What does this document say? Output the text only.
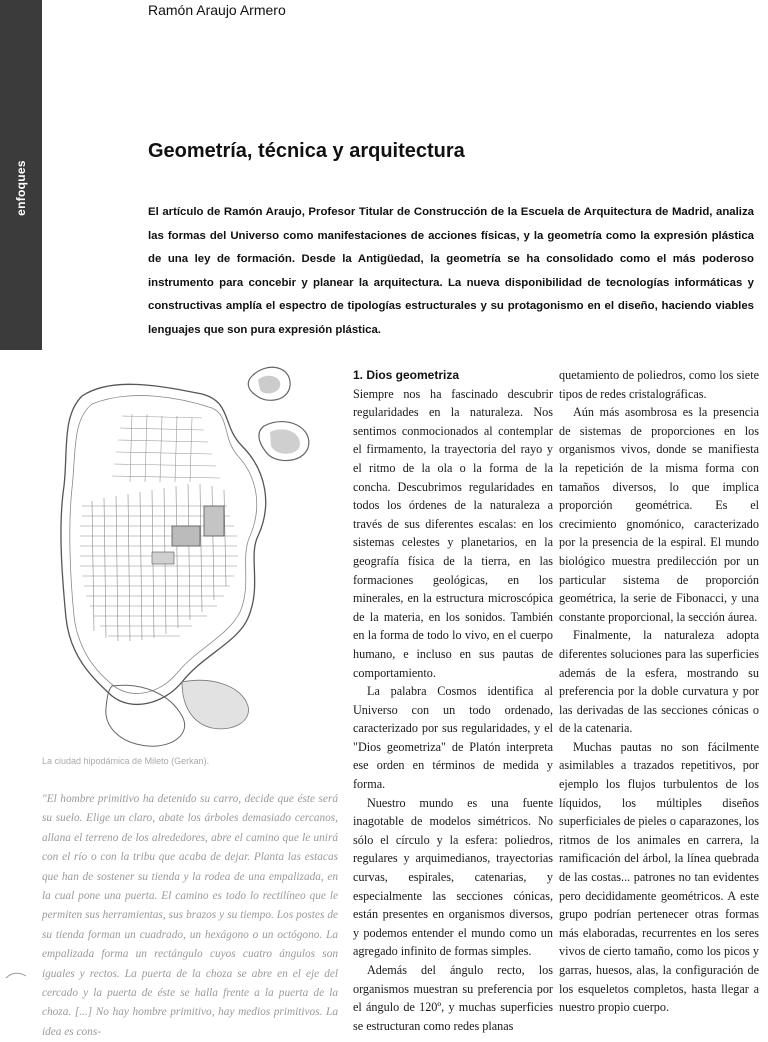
enfoques
Ramón Araujo Armero
Geometría, técnica y arquitectura

El artículo de Ramón Araujo, Profesor Titular de Construcción de la Escuela de Arquitectura de Madrid, analiza las formas del Universo como manifestaciones de acciones físicas, y la geometría como la expresión plástica de una ley de formación. Desde la Antigüedad, la geometría se ha consolidado como el más poderoso instrumento para concebir y planear la arquitectura. La nueva disponibilidad de tecnologías informáticas y constructivas amplía el espectro de tipologías estructurales y su protagonismo en el diseño, haciendo viables lenguajes que son pura expresión plástica.

La ciudad hipodámica de Mileto (Gerkan).

"El hombre primitivo ha detenido su carro, decide que éste será su suelo. Elige un claro, abate los árboles demasiado cercanos, allana el terreno de los alrededores, abre el camino que le unirá con el río o con la tribu que acaba de dejar. Planta las estacas que han de sostener su tienda y la rodea de una empalizada, en la cual pone una puerta. El camino es todo lo rectilíneo que le permiten sus herramientas, sus brazos y su tiempo. Los postes de su tienda forman un cuadrado, un hexágono o un octógono. La empalizada forma un rectángulo cuyos cuatro ángulos son iguales y rectos. La puerta de la choza se abre en el eje del cercado y la puerta de éste se halla frente a la puerta de la choza. [...] No hay hombre primitivo, hay medios primitivos. La idea es cons-

1. Dios geometriza

Siempre nos ha fascinado descubrir regularidades en la naturaleza. Nos sentimos conmocionados al contemplar el firmamento, la trayectoria del rayo y el ritmo de la ola o la forma de la concha. Descubrimos regularidades en todos los órdenes de la naturaleza a través de sus diferentes escalas: en los sistemas celestes y planetarios, en la geografía física de la tierra, en las formaciones geológicas, en los minerales, en la estructura microscópica de la materia, en los sonidos. También en la forma de todo lo vivo, en el cuerpo humano, e incluso en sus pautas de comportamiento.

La palabra Cosmos identifica al Universo con un todo ordenado, caracterizado por sus regularidades, y el "Dios geometriza" de Platón interpreta ese orden en términos de medida y forma.

Nuestro mundo es una fuente inagotable de modelos simétricos. No sólo el círculo y la esfera: poliedros, regulares y arquimedianos, trayectorias curvas, espirales, catenarias, y especialmente las secciones cónicas, están presentes en organismos diversos, y podemos entender el mundo como un agregado infinito de formas simples.

Además del ángulo recto, los organismos muestran su preferencia por el ángulo de 120º, y muchas superficies se estructuran como redes planas

quetamiento de poliedros, como los siete tipos de redes cristalográficas.

Aún más asombrosa es la presencia de sistemas de proporciones en los organismos vivos, donde se manifiesta la repetición de la misma forma con tamaños diversos, lo que implica proporción geométrica. Es el crecimiento gnomónico, caracterizado por la presencia de la espiral. El mundo biológico muestra predilección por un particular sistema de proporción geométrica, la serie de Fibonacci, y una constante proporcional, la sección áurea.

Finalmente, la naturaleza adopta diferentes soluciones para las superficies además de la esfera, mostrando su preferencia por la doble curvatura y por las derivadas de las secciones cónicas o de la catenaria.

Muchas pautas no son fácilmente asimilables a trazados repetitivos, por ejemplo los flujos turbulentos de los líquidos, los múltiples diseños superficiales de pieles o caparazones, los ritmos de los animales en carrera, la ramificación del árbol, la línea quebrada de las costas... patrones no tan evidentes pero decididamente geométricos. A este grupo podrían pertenecer otras formas más elaboradas, recurrentes en los seres vivos de cierto tamaño, como los picos y garras, huesos, alas, la configuración de los esqueletos completos, hasta llegar a nuestro propio cuerpo.
